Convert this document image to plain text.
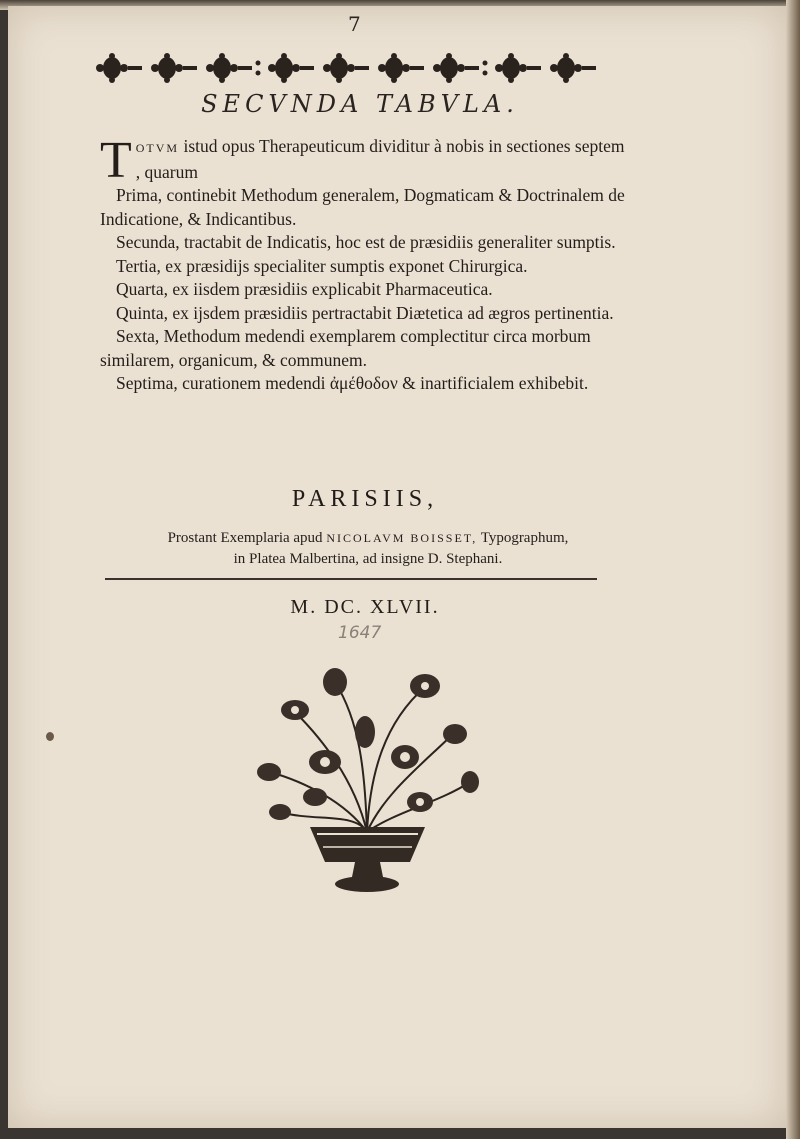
7
SECVNDA TABVLA.

TOTVM istud opus Therapeuticum dividitur à nobis in sectiones septem , quarum

Prima, continebit Methodum generalem, Dogmaticam & Doctrinalem de Indicatione, & Indicantibus.

Secunda, tractabit de Indicatis, hoc est de præsidiis generaliter sumptis.

Tertia, ex præsidijs specialiter sumptis exponet Chirurgica.

Quarta, ex iisdem præsidiis explicabit Pharmaceutica.

Quinta, ex ijsdem præsidiis pertractabit Diætetica ad ægros pertinentia.

Sexta, Methodum medendi exemplarem complectitur circa morbum similarem, organicum, & communem.

Septima, curationem medendi ἀμέθοδον & inartificialem exhibebit.

PARISIIS,
Prostant Exemplaria apud NICOLAVM BOISSET, Typographum,
in Platea Malbertina, ad insigne D. Stephani.
M. DC. XLVII.
1647
